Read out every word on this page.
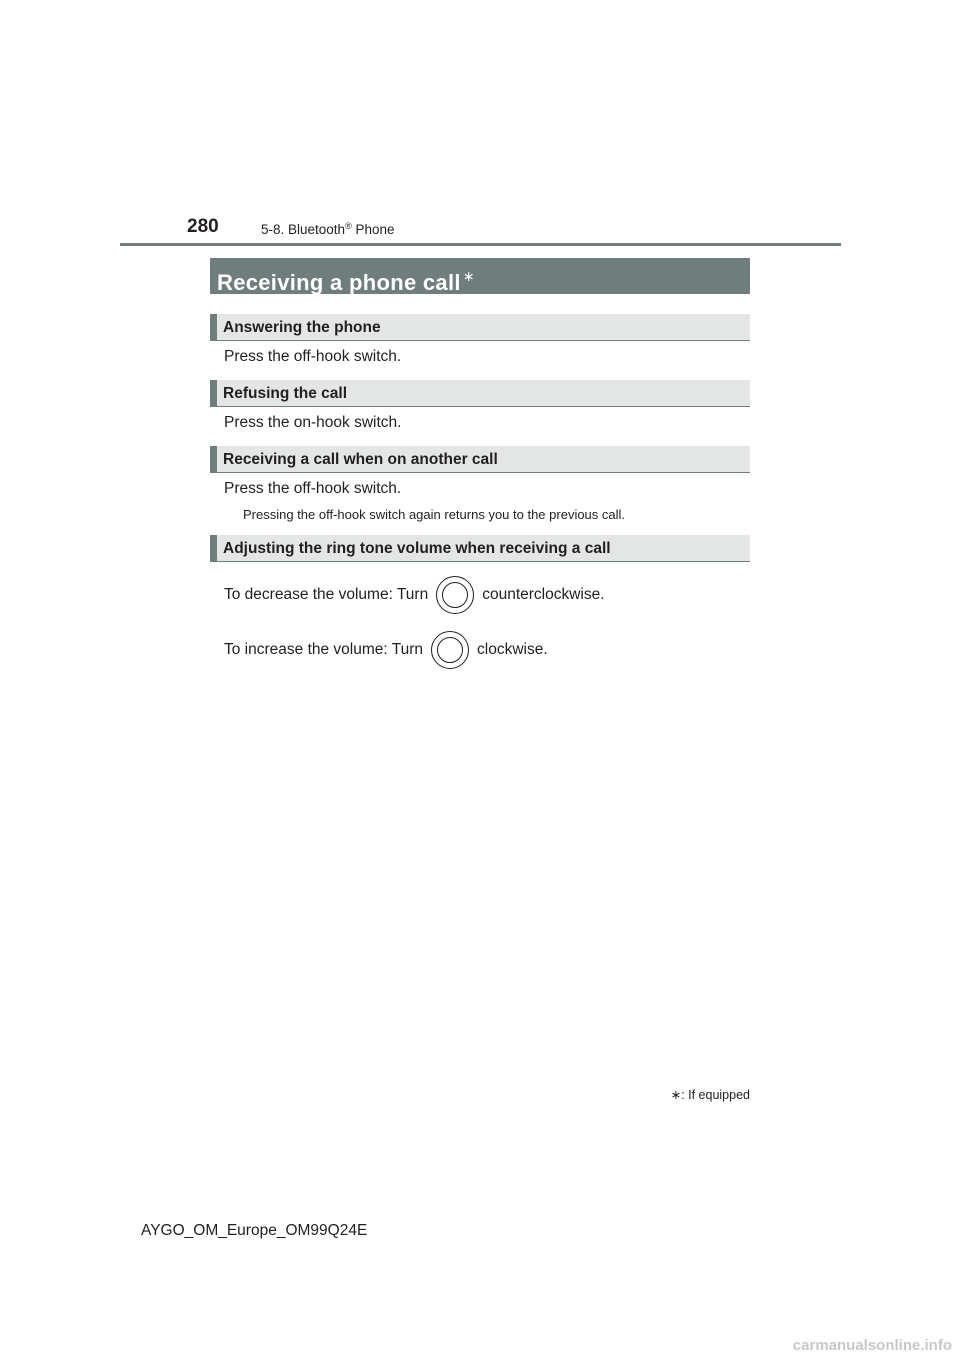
280	5-8. Bluetooth® Phone
Receiving a phone call ∗
Answering the phone
Press the off-hook switch.
Refusing the call
Press the on-hook switch.
Receiving a call when on another call
Press the off-hook switch.
Pressing the off-hook switch again returns you to the previous call.
Adjusting the ring tone volume when receiving a call
To decrease the volume: Turn	counterclockwise.
To increase the volume: Turn	clockwise.
∗: If equipped
AYGO_OM_Europe_OM99Q24E
carmanualsonline.info
